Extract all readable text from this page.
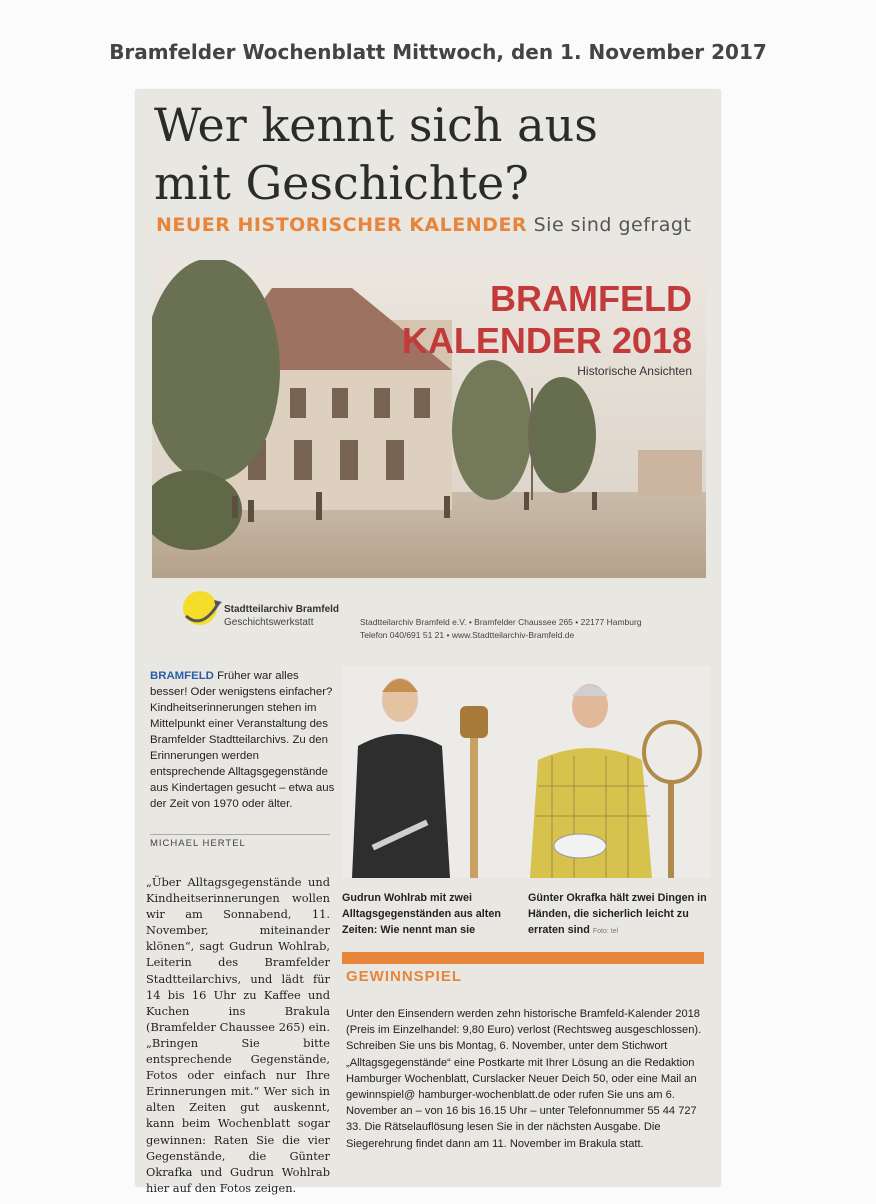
Bramfelder Wochenblatt Mittwoch, den 1. November 2017
Wer kennt sich aus
mit Geschichte?
NEUER HISTORISCHER KALENDER Sie sind gefragt
BRAMFELD
KALENDER 2018
Historische Ansichten
Stadtteilarchiv Bramfeld
Geschichtswerkstatt	Stadtteilarchiv Bramfeld e.V. • Bramfelder Chaussee 265 • 22177 Hamburg
Telefon 040/691 51 21 • www.Stadtteilarchiv-Bramfeld.de
BRAMFELD Früher war alles besser! Oder wenigstens einfacher? Kindheitserinnerungen stehen im Mittelpunkt einer Veranstaltung des Bramfelder Stadtteilarchivs. Zu den Erinnerungen werden entsprechende Alltagsgegenstände aus Kindertagen gesucht – etwa aus der Zeit von 1970 oder älter.
MICHAEL HERTEL
„Über Alltagsgegenstände und Kindheitserinnerungen wollen wir am Sonnabend, 11. November, miteinander klönen“, sagt Gudrun Wohlrab, Leiterin des Bramfelder Stadtteilarchivs, und lädt für 14 bis 16 Uhr zu Kaffee und Kuchen ins Brakula (Bramfelder Chaussee 265) ein. „Bringen Sie bitte entsprechende Gegenstände, Fotos oder einfach nur Ihre Erinnerungen mit.“ Wer sich in alten Zeiten gut auskennt, kann beim Wochenblatt sogar gewinnen: Raten Sie die vier Gegenstände, die Günter Okrafka und Gudrun Wohlrab hier auf den Fotos zeigen.
Gudrun Wohlrab mit zwei Alltagsgegenständen aus alten Zeiten: Wie nennt man sie
Günter Okrafka hält zwei Dingen in Händen, die sicherlich leicht zu erraten sind Foto: tel
GEWINNSPIEL
Unter den Einsendern werden zehn historische Bramfeld-Kalender 2018 (Preis im Einzelhandel: 9,80 Euro) verlost (Rechtsweg ausgeschlossen). Schreiben Sie uns bis Montag, 6. November, unter dem Stichwort „Alltagsgegenstände“ eine Postkarte mit Ihrer Lösung an die Redaktion Hamburger Wochenblatt, Curslacker Neuer Deich 50, oder eine Mail an gewinnspiel@ hamburger-wochenblatt.de oder rufen Sie uns am 6. November an – von 16 bis 16.15 Uhr – unter Telefonnummer 55 44 727 33. Die Rätselauflösung lesen Sie in der nächsten Ausgabe. Die Siegerehrung findet dann am 11. November im Brakula statt.
